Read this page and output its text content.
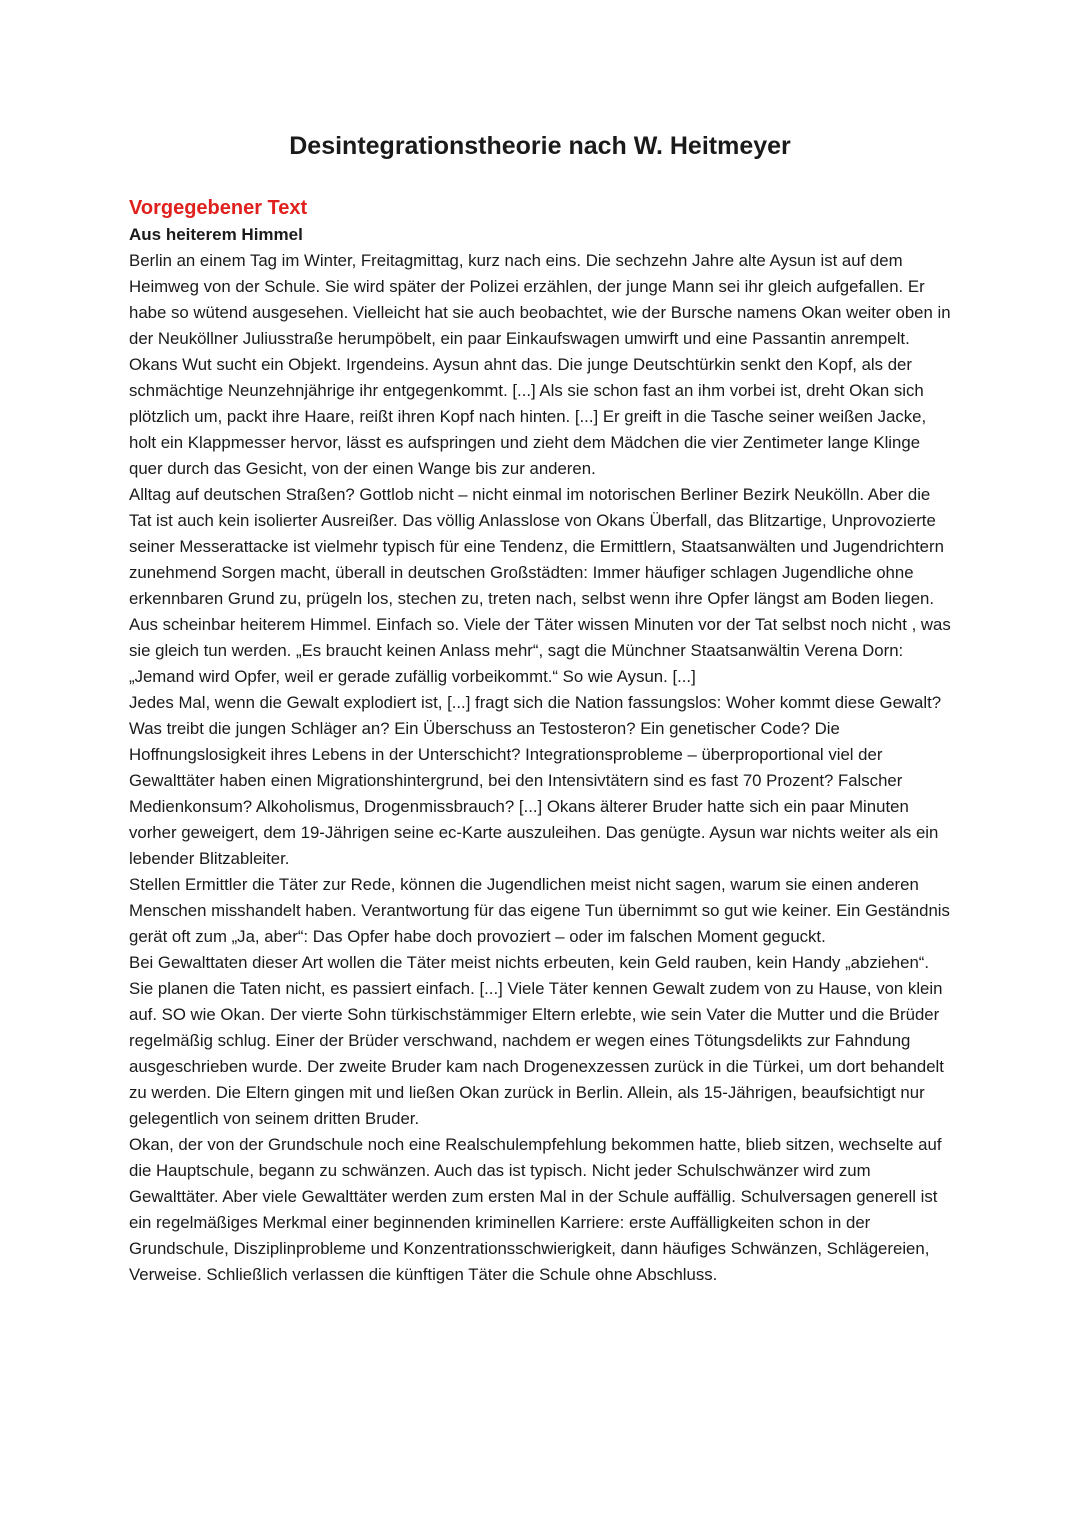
Desintegrationstheorie nach W. Heitmeyer
Vorgegebener Text
Aus heiterem Himmel

Berlin an einem Tag im Winter, Freitagmittag, kurz nach eins. Die sechzehn Jahre alte Aysun ist auf dem Heimweg von der Schule. Sie wird später der Polizei erzählen, der junge Mann sei ihr gleich aufgefallen. Er habe so wütend ausgesehen. Vielleicht hat sie auch beobachtet, wie der Bursche namens Okan weiter oben in der Neuköllner Juliusstraße herumpöbelt, ein paar Einkaufswagen umwirft und eine Passantin anrempelt. Okans Wut sucht ein Objekt. Irgendeins. Aysun ahnt das. Die junge Deutschtürkin senkt den Kopf, als der schmächtige Neunzehnjährige ihr entgegenkommt. [...] Als sie schon fast an ihm vorbei ist, dreht Okan sich plötzlich um, packt ihre Haare, reißt ihren Kopf nach hinten. [...] Er greift in die Tasche seiner weißen Jacke, holt ein Klappmesser hervor, lässt es aufspringen und zieht dem Mädchen die vier Zentimeter lange Klinge quer durch das Gesicht, von der einen Wange bis zur anderen.

Alltag auf deutschen Straßen? Gottlob nicht – nicht einmal im notorischen Berliner Bezirk Neukölln. Aber die Tat ist auch kein isolierter Ausreißer. Das völlig Anlasslose von Okans Überfall, das Blitzartige, Unprovozierte seiner Messerattacke ist vielmehr typisch für eine Tendenz, die Ermittlern, Staatsanwälten und Jugendrichtern zunehmend Sorgen macht, überall in deutschen Großstädten: Immer häufiger schlagen Jugendliche ohne erkennbaren Grund zu, prügeln los, stechen zu, treten nach, selbst wenn ihre Opfer längst am Boden liegen. Aus scheinbar heiterem Himmel. Einfach so. Viele der Täter wissen Minuten vor der Tat selbst noch nicht , was sie gleich tun werden. „Es braucht keinen Anlass mehr“, sagt die Münchner Staatsanwältin Verena Dorn: „Jemand wird Opfer, weil er gerade zufällig vorbeikommt.“ So wie Aysun. [...]

Jedes Mal, wenn die Gewalt explodiert ist, [...] fragt sich die Nation fassungslos: Woher kommt diese Gewalt? Was treibt die jungen Schläger an? Ein Überschuss an Testosteron? Ein genetischer Code? Die Hoffnungslosigkeit ihres Lebens in der Unterschicht? Integrationsprobleme – überproportional viel der Gewalttäter haben einen Migrationshintergrund, bei den Intensivtätern sind es fast 70 Prozent? Falscher Medienkonsum? Alkoholismus, Drogenmissbrauch? [...] Okans älterer Bruder hatte sich ein paar Minuten vorher geweigert, dem 19-Jährigen seine ec-Karte auszuleihen. Das genügte. Aysun war nichts weiter als ein lebender Blitzableiter.

Stellen Ermittler die Täter zur Rede, können die Jugendlichen meist nicht sagen, warum sie einen anderen Menschen misshandelt haben. Verantwortung für das eigene Tun übernimmt so gut wie keiner. Ein Geständnis gerät oft zum „Ja, aber“: Das Opfer habe doch provoziert – oder im falschen Moment geguckt.

Bei Gewalttaten dieser Art wollen die Täter meist nichts erbeuten, kein Geld rauben, kein Handy „abziehen“. Sie planen die Taten nicht, es passiert einfach. [...] Viele Täter kennen Gewalt zudem von zu Hause, von klein auf. SO wie Okan. Der vierte Sohn türkischstämmiger Eltern erlebte, wie sein Vater die Mutter und die Brüder regelmäßig schlug. Einer der Brüder verschwand, nachdem er wegen eines Tötungsdelikts zur Fahndung ausgeschrieben wurde. Der zweite Bruder kam nach Drogenexzessen zurück in die Türkei, um dort behandelt zu werden. Die Eltern gingen mit und ließen Okan zurück in Berlin. Allein, als 15-Jährigen, beaufsichtigt nur gelegentlich von seinem dritten Bruder.

Okan, der von der Grundschule noch eine Realschulempfehlung bekommen hatte, blieb sitzen, wechselte auf die Hauptschule, begann zu schwänzen. Auch das ist typisch. Nicht jeder Schulschwänzer wird zum Gewalttäter. Aber viele Gewalttäter werden zum ersten Mal in der Schule auffällig. Schulversagen generell ist ein regelmäßiges Merkmal einer beginnenden kriminellen Karriere: erste Auffälligkeiten schon in der Grundschule, Disziplinprobleme und Konzentrationsschwierigkeit, dann häufiges Schwänzen, Schlägereien, Verweise. Schließlich verlassen die künftigen Täter die Schule ohne Abschluss.
